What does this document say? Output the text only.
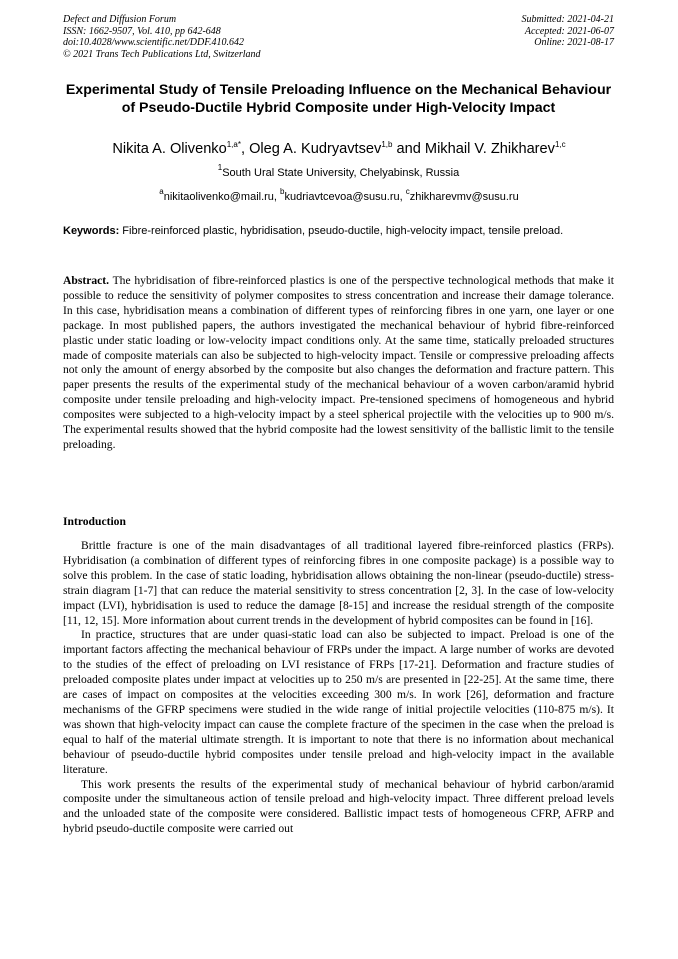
Defect and Diffusion Forum
ISSN: 1662-9507, Vol. 410, pp 642-648
doi:10.4028/www.scientific.net/DDF.410.642
© 2021 Trans Tech Publications Ltd, Switzerland
Submitted: 2021-04-21
Accepted: 2021-06-07
Online: 2021-08-17
Experimental Study of Tensile Preloading Influence on the Mechanical Behaviour of Pseudo-Ductile Hybrid Composite under High-Velocity Impact
Nikita A. Olivenko$^{1,a*}$, Oleg A. Kudryavtsev$^{1,b}$ and Mikhail V. Zhikharev$^{1,c}$
$^1$South Ural State University, Chelyabinsk, Russia
$^a$nikitaolivenko@mail.ru, $^b$kudriavtcevoa@susu.ru, $^c$zhikharevmv@susu.ru
Keywords: Fibre-reinforced plastic, hybridisation, pseudo-ductile, high-velocity impact, tensile preload.

Abstract. The hybridisation of fibre-reinforced plastics is one of the perspective technological methods that make it possible to reduce the sensitivity of polymer composites to stress concentration and increase their damage tolerance. In this case, hybridisation means a combination of different types of reinforcing fibres in one yarn, one layer or one package. In most published papers, the authors investigated the mechanical behaviour of hybrid fibre-reinforced plastic under static loading or low-velocity impact conditions only. At the same time, statically preloaded structures made of composite materials can also be subjected to high-velocity impact. Tensile or compressive preloading affects not only the amount of energy absorbed by the composite but also changes the deformation and fracture pattern. This paper presents the results of the experimental study of the mechanical behaviour of a woven carbon/aramid hybrid composite under tensile preloading and high-velocity impact. Pre-tensioned specimens of homogeneous and hybrid composites were subjected to a high-velocity impact by a steel spherical projectile with the velocities up to 900 m/s. The experimental results showed that the hybrid composite had the lowest sensitivity of the ballistic limit to the tensile preloading.

Introduction

Brittle fracture is one of the main disadvantages of all traditional layered fibre-reinforced plastics (FRPs). Hybridisation (a combination of different types of reinforcing fibres in one composite package) is a possible way to solve this problem. In the case of static loading, hybridisation allows obtaining the non-linear (pseudo-ductile) stress-strain diagram [1-7] that can reduce the material sensitivity to stress concentration [2, 3]. In the case of low-velocity impact (LVI), hybridisation is used to reduce the damage [8-15] and increase the residual strength of the composite [11, 12, 15]. More information about current trends in the development of hybrid composites can be found in [16].

In practice, structures that are under quasi-static load can also be subjected to impact. Preload is one of the important factors affecting the mechanical behaviour of FRPs under the impact. A large number of works are devoted to the studies of the effect of preloading on LVI resistance of FRPs [17-21]. Deformation and fracture studies of preloaded composite plates under impact at velocities up to 250 m/s are presented in [22-25]. At the same time, there are cases of impact on composites at the velocities exceeding 300 m/s. In work [26], deformation and fracture mechanisms of the GFRP specimens were studied in the wide range of initial projectile velocities (110-875 m/s). It was shown that high-velocity impact can cause the complete fracture of the specimen in the case when the preload is equal to half of the material ultimate strength. It is important to note that there is no information about mechanical behaviour of pseudo-ductile hybrid composites under tensile preload and high-velocity impact in the available literature.

This work presents the results of the experimental study of mechanical behaviour of hybrid carbon/aramid composite under the simultaneous action of tensile preload and high-velocity impact. Three different preload levels and the unloaded state of the composite were considered. Ballistic impact tests of homogeneous CFRP, AFRP and hybrid pseudo-ductile composite were carried out
